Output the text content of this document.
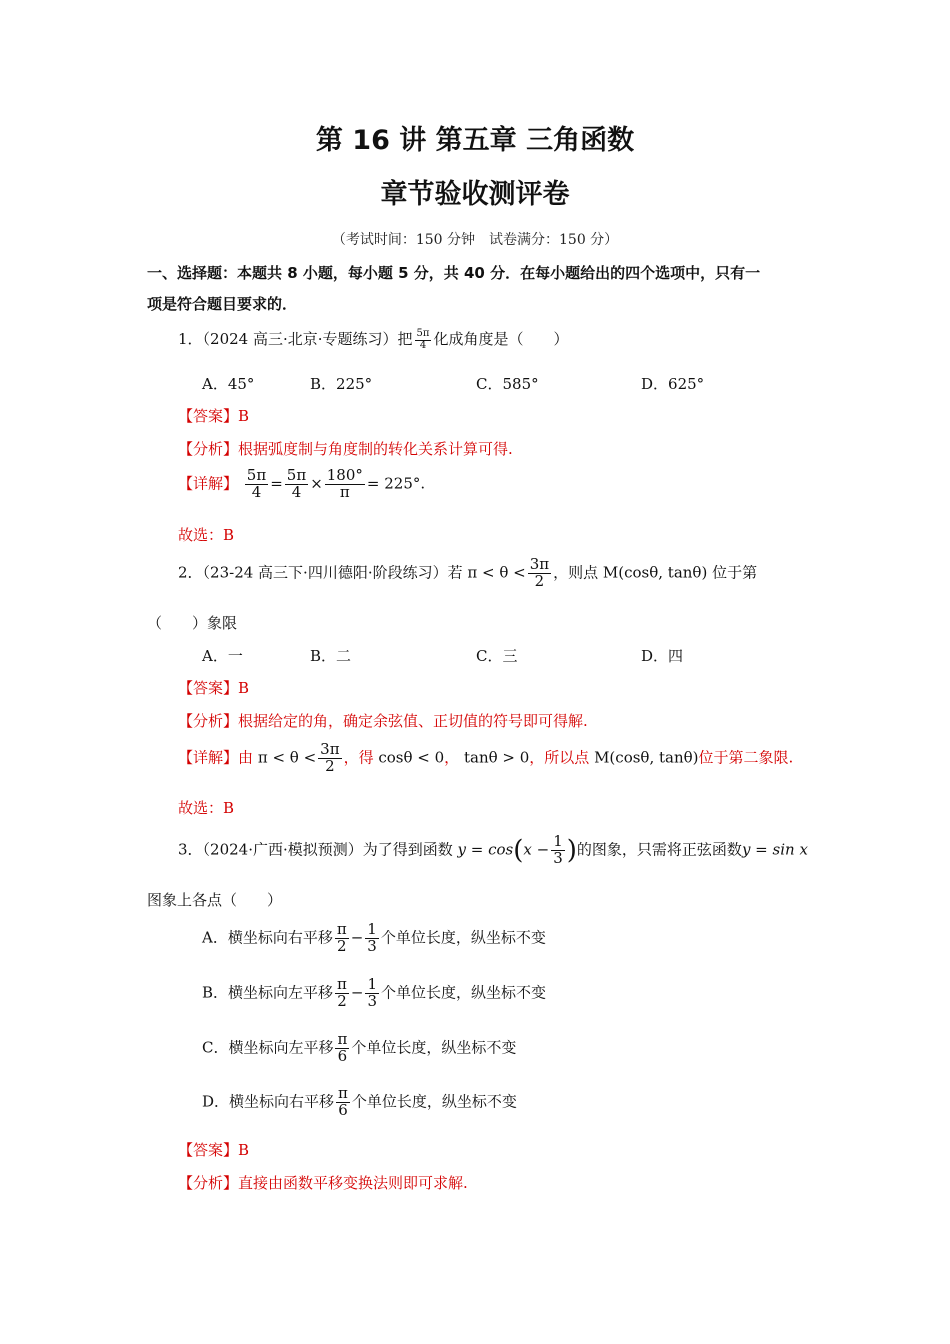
第 16 讲 第五章 三角函数
章节验收测评卷
（考试时间：150 分钟　试卷满分：150 分）
一、选择题：本题共 8 小题，每小题 5 分，共 40 分．在每小题给出的四个选项中，只有一
项是符合题目要求的．
1．（2024 高三·北京·专题练习）把 $\frac{5\pi}{4}$ 化成角度是（　　）
A．45°	B．225°	C．585°	D．625°
【答案】B
【分析】根据弧度制与角度制的转化关系计算可得.
【详解】 $\frac{5\pi}{4} = \frac{5\pi}{4} \times \frac{180^\circ}{\pi} = 225^\circ$.
故选：B
2．（23-24 高三下·四川德阳·阶段练习）若 $\pi < \theta < \frac{3\pi}{2}$ ，则点 M(cosθ, tanθ) 位于第
（　　）象限
A．一	B．二	C．三	D．四
【答案】B
【分析】根据给定的角，确定余弦值、正切值的符号即可得解.
【详解】由 $\pi < \theta < \frac{3\pi}{2}$ ，得 cosθ < 0， tanθ > 0，所以点 M(cosθ, tanθ)位于第二象限.
故选：B
3．（2024·广西·模拟预测）为了得到函数 $y = \cos(x - \frac{1}{3}$ )的图象，只需将正弦函数y = sin x
图象上各点（　　）
A．横坐标向右平移 $\frac{\pi}{2} - \frac{1}{3}$ 个单位长度，纵坐标不变
B．横坐标向左平移 $\frac{\pi}{2} - \frac{1}{3}$ 个单位长度，纵坐标不变
C．横坐标向左平移 $\frac{\pi}{6}$ 个单位长度，纵坐标不变
D．横坐标向右平移 $\frac{\pi}{6}$ 个单位长度，纵坐标不变
【答案】B
【分析】直接由函数平移变换法则即可求解.
